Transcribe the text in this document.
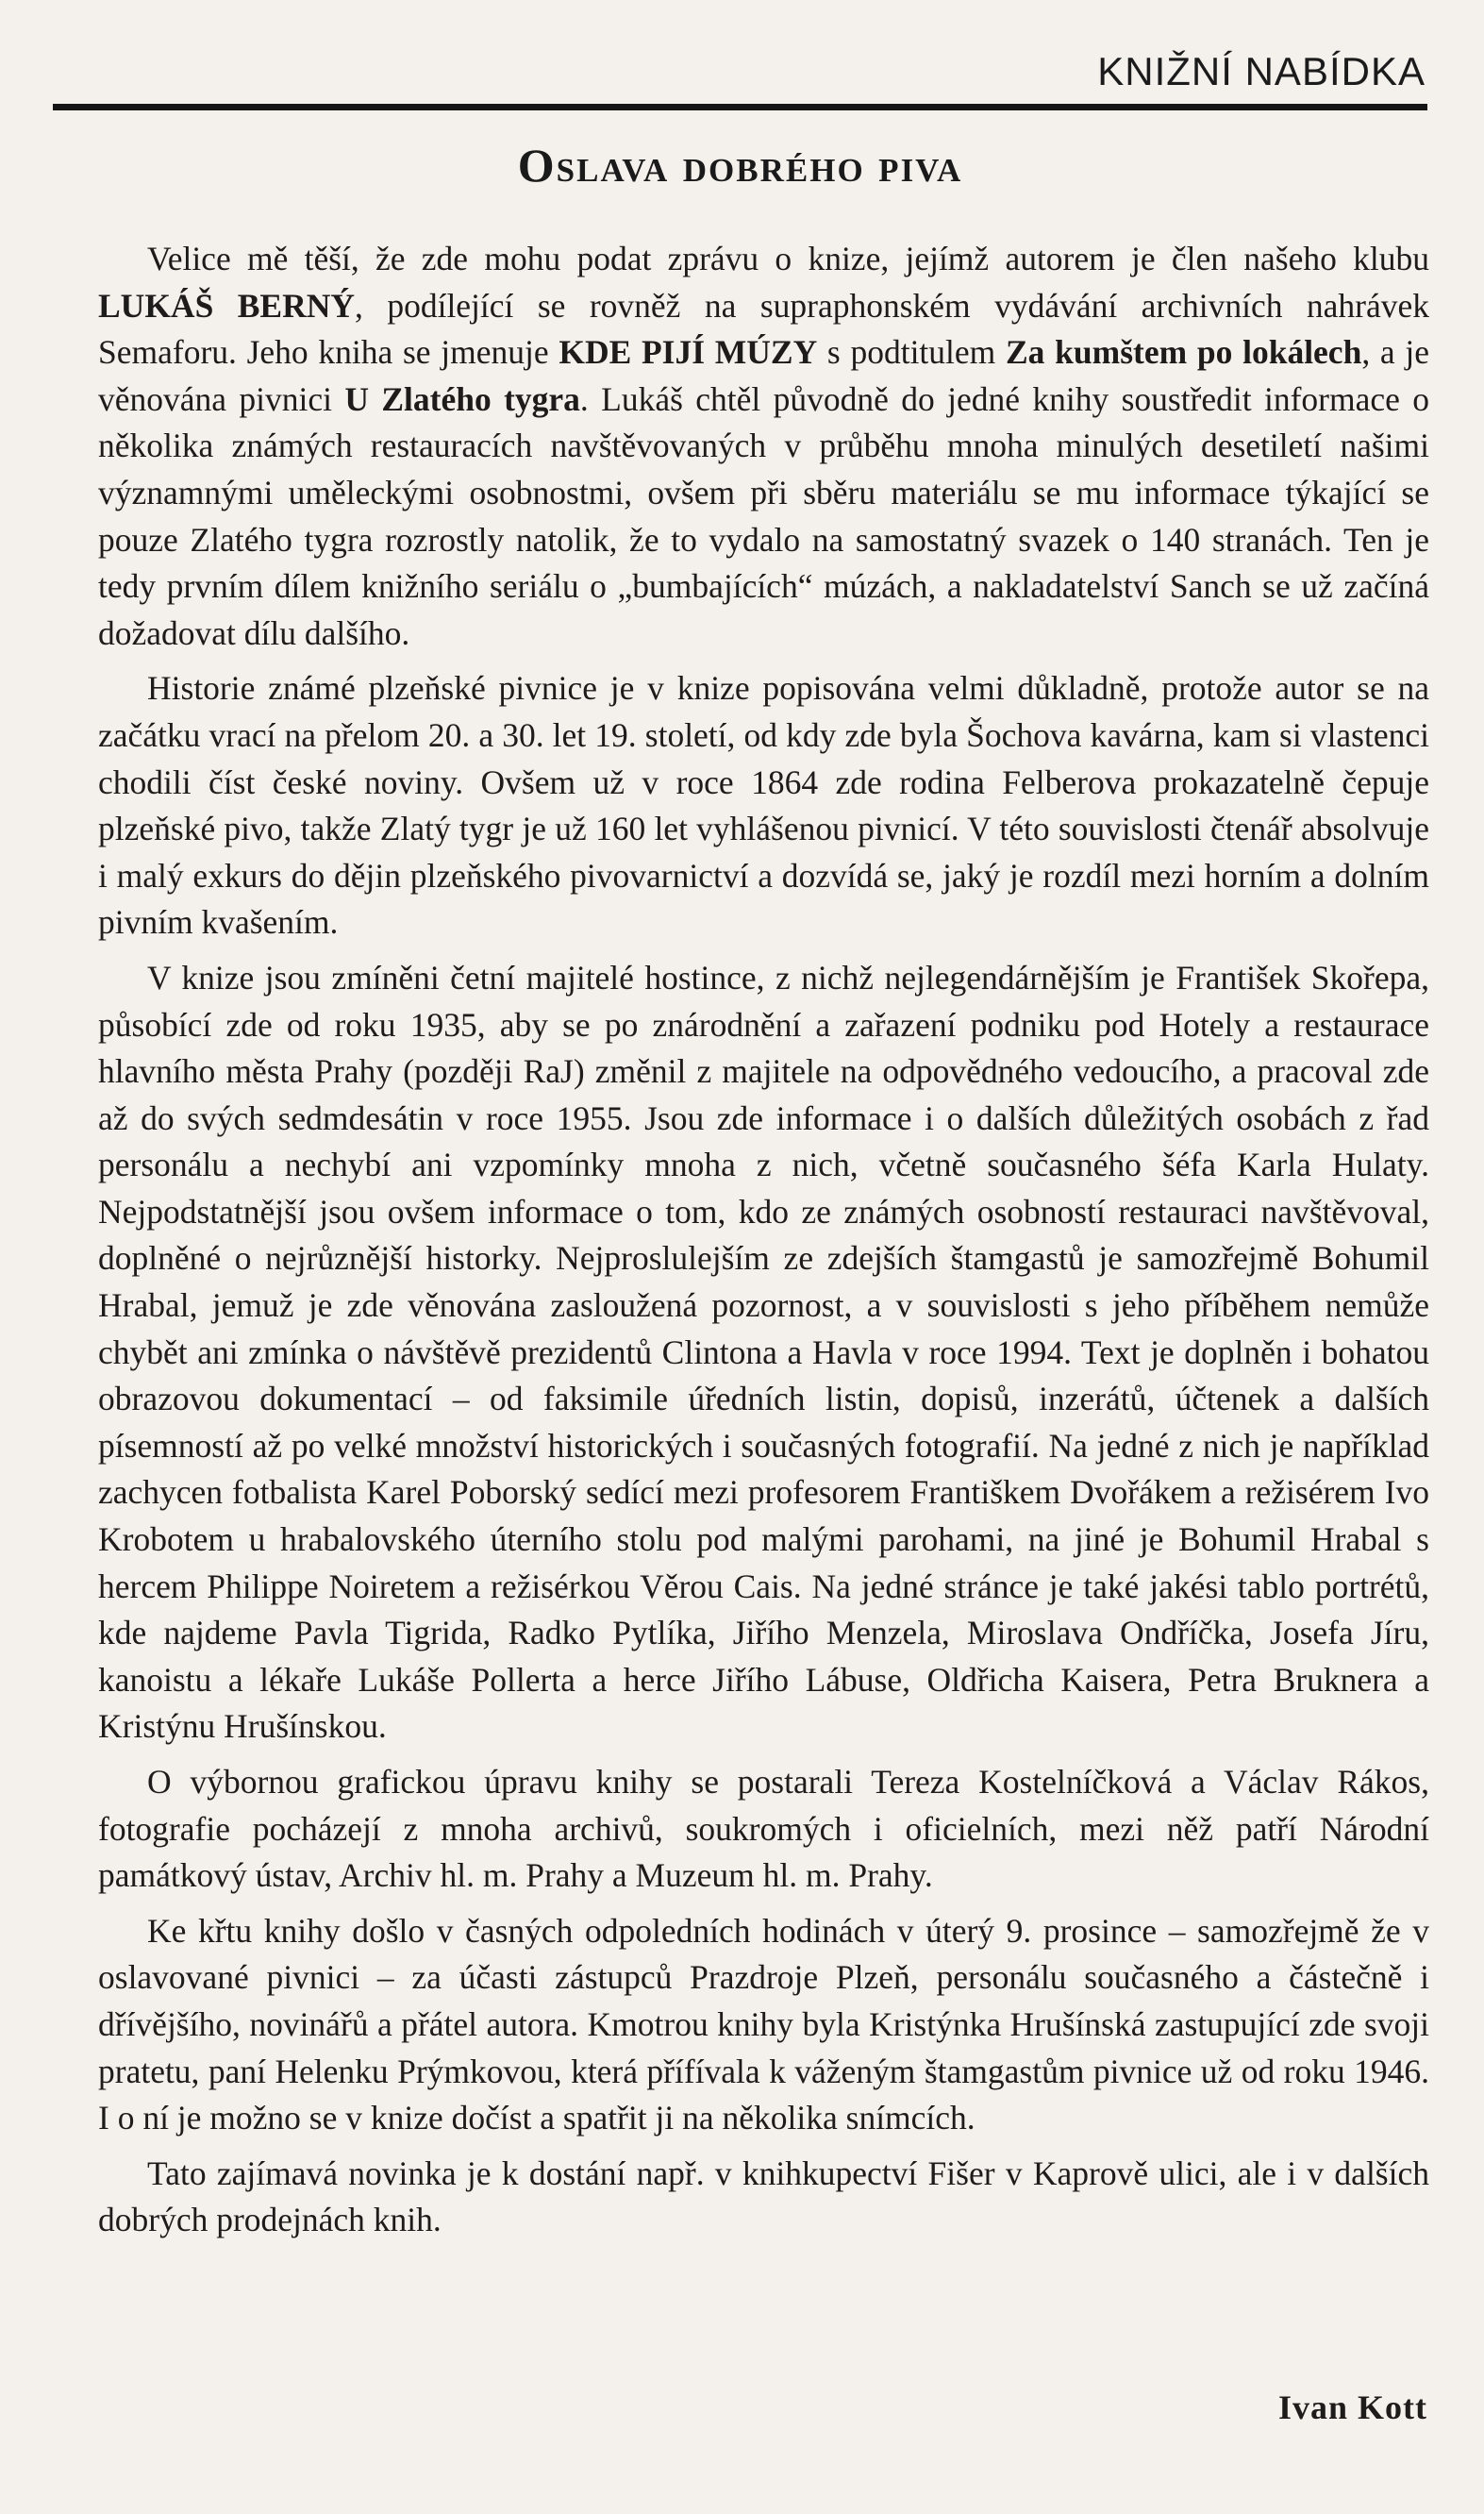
KNIŽNÍ NABÍDKA
Oslava dobrého piva

Velice mě těší, že zde mohu podat zprávu o knize, jejímž autorem je člen našeho klubu LUKÁŠ BERNÝ, podílející se rovněž na supraphonském vydávání archivních nahrávek Semaforu. Jeho kniha se jmenuje KDE PIJÍ MÚZY s podtitulem Za kumštem po lokálech, a je věnována pivnici U Zlatého tygra. Lukáš chtěl původně do jedné knihy soustředit informace o několika známých restauracích navštěvovaných v průběhu mnoha minulých desetiletí našimi významnými uměleckými osobnostmi, ovšem při sběru materiálu se mu informace týkající se pouze Zlatého tygra rozrostly natolik, že to vydalo na samostatný svazek o 140 stranách. Ten je tedy prvním dílem knižního seriálu o „bumbajících“ múzách, a nakladatelství Sanch se už začíná dožadovat dílu dalšího.

Historie známé plzeňské pivnice je v knize popisována velmi důkladně, protože autor se na začátku vrací na přelom 20. a 30. let 19. století, od kdy zde byla Šochova kavárna, kam si vlastenci chodili číst české noviny. Ovšem už v roce 1864 zde rodina Felberova prokazatelně čepuje plzeňské pivo, takže Zlatý tygr je už 160 let vyhlášenou pivnicí. V této souvislosti čtenář absolvuje i malý exkurs do dějin plzeňského pivovarnictví a dozvídá se, jaký je rozdíl mezi horním a dolním pivním kvašením.

V knize jsou zmíněni četní majitelé hostince, z nichž nejlegendárnějším je František Skořepa, působící zde od roku 1935, aby se po znárodnění a zařazení podniku pod Hotely a restaurace hlavního města Prahy (později RaJ) změnil z majitele na odpovědného vedoucího, a pracoval zde až do svých sedmdesátin v roce 1955. Jsou zde informace i o dalších důležitých osobách z řad personálu a nechybí ani vzpomínky mnoha z nich, včetně současného šéfa Karla Hulaty. Nejpodstatnější jsou ovšem informace o tom, kdo ze známých osobností restauraci navštěvoval, doplněné o nejrůznější historky. Nejproslulejším ze zdejších štamgastů je samozřejmě Bohumil Hrabal, jemuž je zde věnována zasloužená pozornost, a v souvislosti s jeho příběhem nemůže chybět ani zmínka o návštěvě prezidentů Clintona a Havla v roce 1994. Text je doplněn i bohatou obrazovou dokumentací – od faksimile úředních listin, dopisů, inzerátů, účtenek a dalších písemností až po velké množství historických i současných fotografií. Na jedné z nich je například zachycen fotbalista Karel Poborský sedící mezi profesorem Františkem Dvořákem a režisérem Ivo Krobotem u hrabalovského úterního stolu pod malými parohami, na jiné je Bohumil Hrabal s hercem Philippe Noiretem a režisérkou Věrou Cais. Na jedné stránce je také jakési tablo portrétů, kde najdeme Pavla Tigrida, Radko Pytlíka, Jiřího Menzela, Miroslava Ondříčka, Josefa Jíru, kanoistu a lékaře Lukáše Pollerta a herce Jiřího Lábuse, Oldřicha Kaisera, Petra Bruknera a Kristýnu Hrušínskou.

O výbornou grafickou úpravu knihy se postarali Tereza Kostelníčková a Václav Rákos, fotografie pocházejí z mnoha archivů, soukromých i oficielních, mezi něž patří Národní památkový ústav, Archiv hl. m. Prahy a Muzeum hl. m. Prahy.

Ke křtu knihy došlo v časných odpoledních hodinách v úterý 9. prosince – samozřejmě že v oslavované pivnici – za účasti zástupců Prazdroje Plzeň, personálu současného a částečně i dřívějšího, novinářů a přátel autora. Kmotrou knihy byla Kristýnka Hrušínská zastupující zde svoji pratetu, paní Helenku Prýmkovou, která přífívala k váženým štamgastům pivnice už od roku 1946. I o ní je možno se v knize dočíst a spatřit ji na několika snímcích.

Tato zajímavá novinka je k dostání např. v knihkupectví Fišer v Kaprově ulici, ale i v dalších dobrých prodejnách knih.

Ivan Kott
